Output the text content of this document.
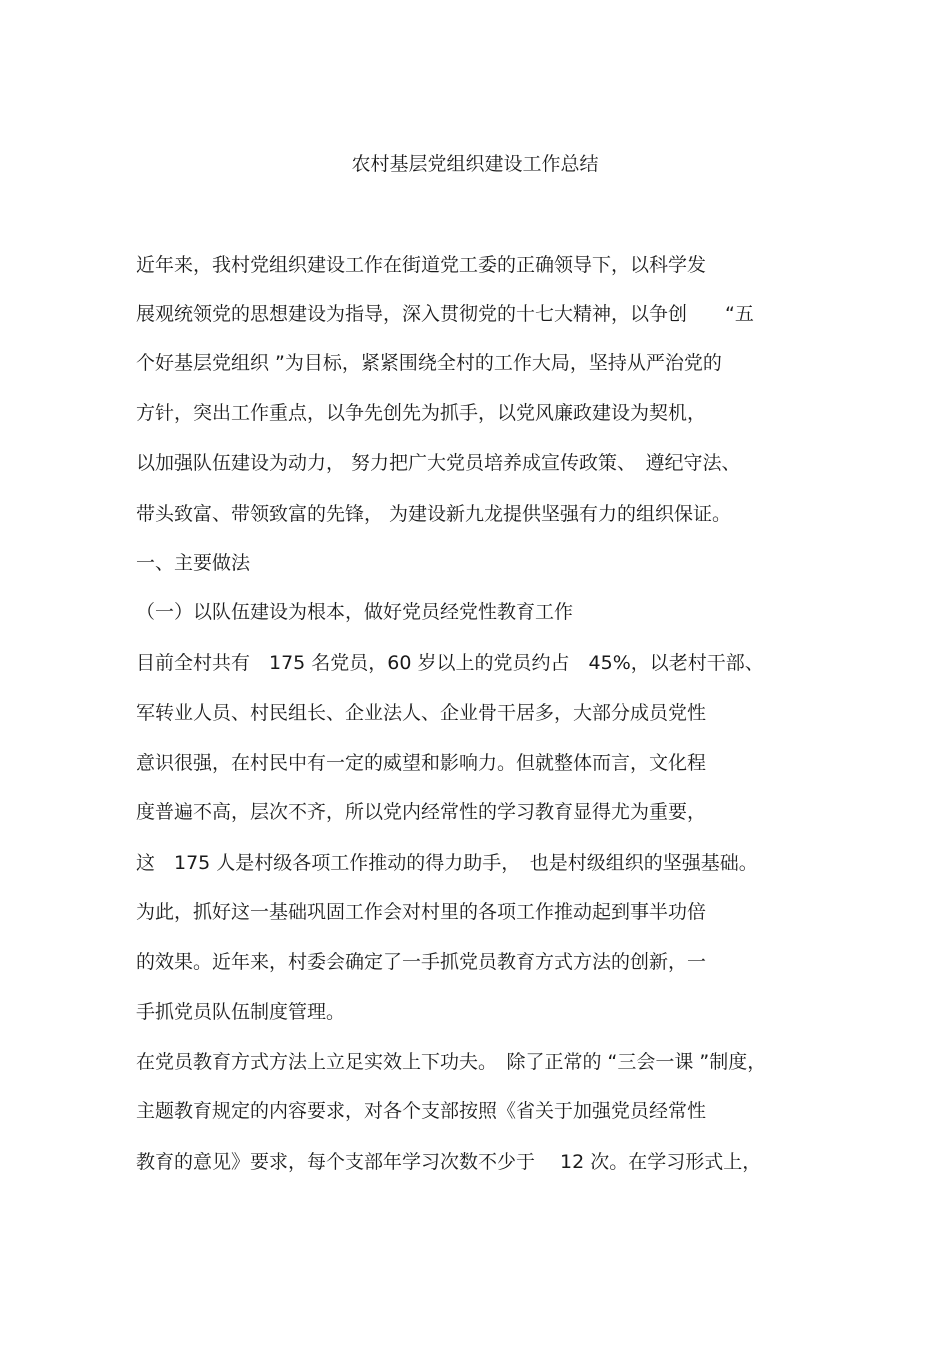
农村基层党组织建设工作总结
近年来，我村党组织建设工作在街道党工委的正确领导下，以科学发
展观统领党的思想建设为指导，深入贯彻党的十七大精神，以争创　　“五
个好基层党组织 ”为目标，紧紧围绕全村的工作大局，坚持从严治党的
方针，突出工作重点，以争先创先为抓手，以党风廉政建设为契机，
以加强队伍建设为动力， 努力把广大党员培养成宣传政策、　遵纪守法、
带头致富、带领致富的先锋， 为建设新九龙提供坚强有力的组织保证。
一、主要做法
（一）以队伍建设为根本，做好党员经党性教育工作
目前全村共有　175 名党员，60 岁以上的党员约占　45%，以老村干部、
军转业人员、村民组长、企业法人、企业骨干居多，大部分成员党性
意识很强，在村民中有一定的威望和影响力。但就整体而言，文化程
度普遍不高，层次不齐，所以党内经常性的学习教育显得尤为重要，
这　175 人是村级各项工作推动的得力助手，　也是村级组织的坚强基础。
为此，抓好这一基础巩固工作会对村里的各项工作推动起到事半功倍
的效果。近年来，村委会确定了一手抓党员教育方式方法的创新，一
手抓党员队伍制度管理。
在党员教育方式方法上立足实效上下功夫。　除了正常的 “三会一课 ”制度，
主题教育规定的内容要求，对各个支部按照《省关于加强党员经常性
教育的意见》要求，每个支部年学习次数不少于　 12 次。在学习形式上，
